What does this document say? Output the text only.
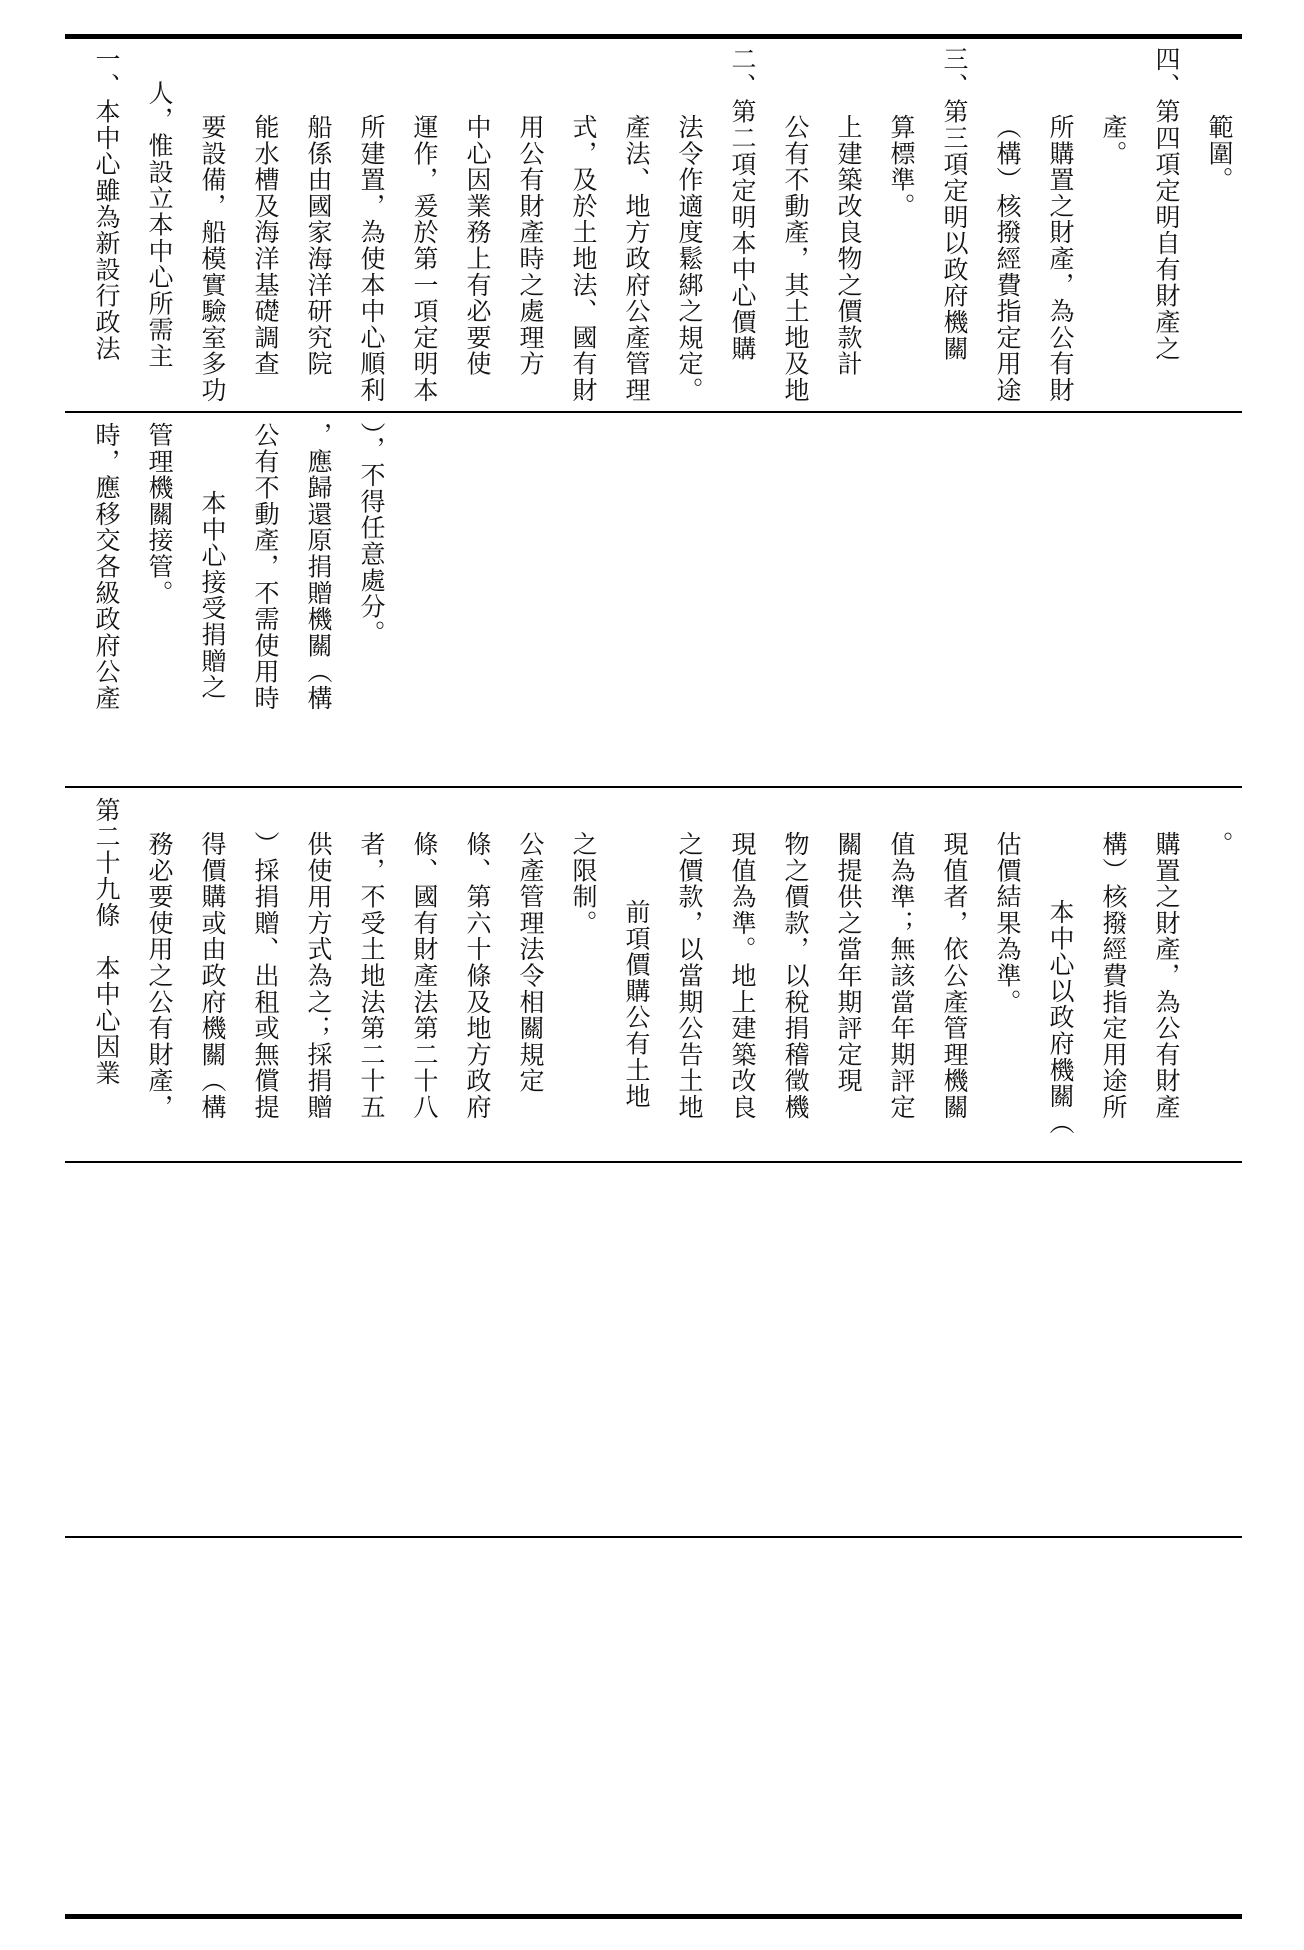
一、本中心雖為新設行政法 人，惟設立本中心所需主 要設備，船模實驗室多功 能水槽及海洋基礎調查 船係由國家海洋研究院 所建置，為使本中心順利 運作，爰於第一項定明本 中心因業務上有必要使 用公有財產時之處理方 式，及於土地法、國有財 產法、地方政府公產管理 法令作適度鬆綁之規定。 二、第二項定明本中心價購 公有不動產，其土地及地 上建築改良物之價款計 算標準。 三、第三項定明以政府機關 （構）核撥經費指定用途 所購置之財產，為公有財 產。 四、第四項定明自有財產之 範圍。
時，應移交各級政府公產 管理機關接管。 本中心接受捐贈之 公有不動產，不需使用時 ，應歸還原捐贈機關（構 ），不得任意處分。
第二十九條　本中心因業 務必要使用之公有財產， 得價購或由政府機關（構 ）採捐贈、出租或無償提 供使用方式為之；採捐贈 者，不受土地法第二十五 條、國有財產法第二十八 條、第六十條及地方政府 公產管理法令相關規定 之限制。
前項價購公有土地 之價款，以當期公告土地 現值為準。地上建築改良 物之價款，以稅捐稽徵機 關提供之當年期評定現 值為準；無該當年期評定 現值者，依公產管理機關 估價結果為準。 本中心以政府機關（ 構）核撥經費指定用途所 購置之財產，為公有財產 。
